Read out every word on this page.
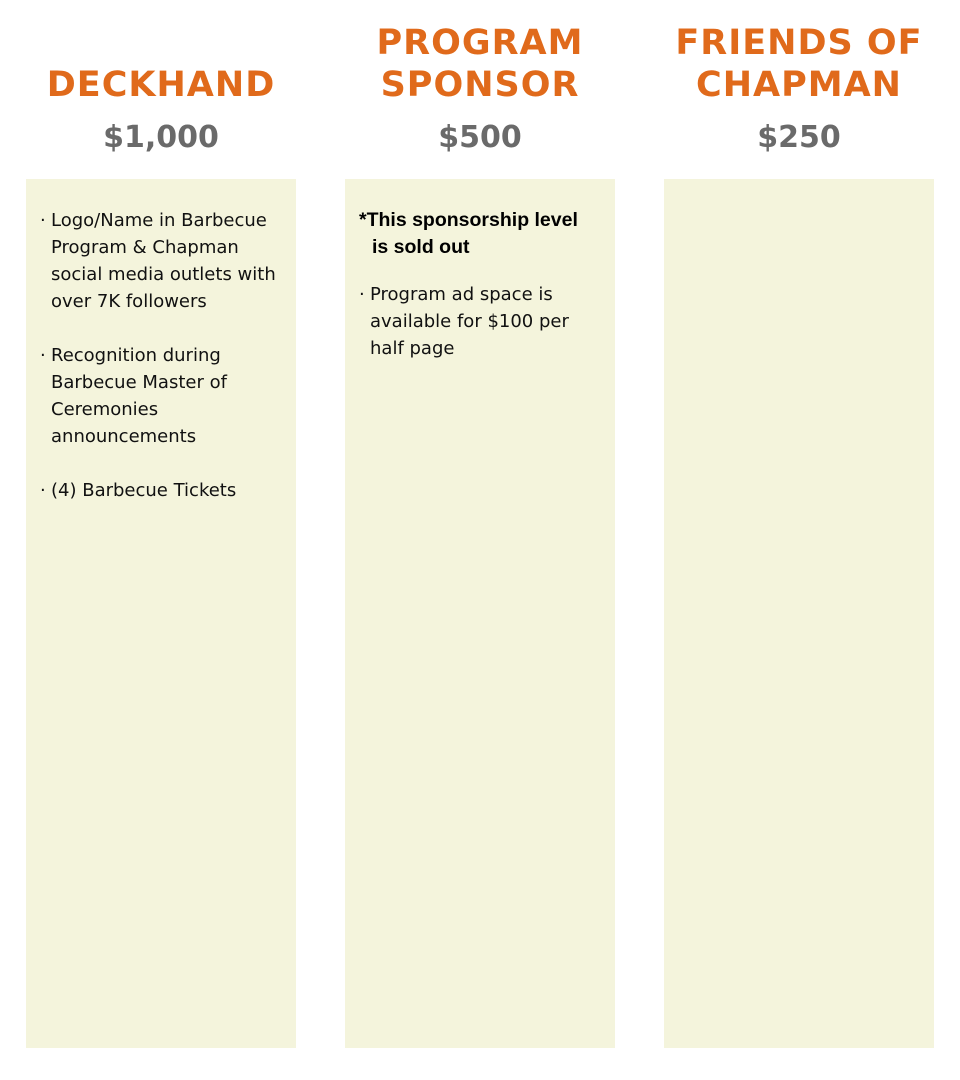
DECKHAND
$1,000
· Logo/Name in Barbecue Program & Chapman social media outlets with over 7K followers
· Recognition during Barbecue Master of Ceremonies announcements
· (4) Barbecue Tickets
PROGRAM
SPONSOR
$500

*This sponsorship level is sold out

· Program ad space is available for $100 per half page
FRIENDS OF
CHAPMAN
$250
